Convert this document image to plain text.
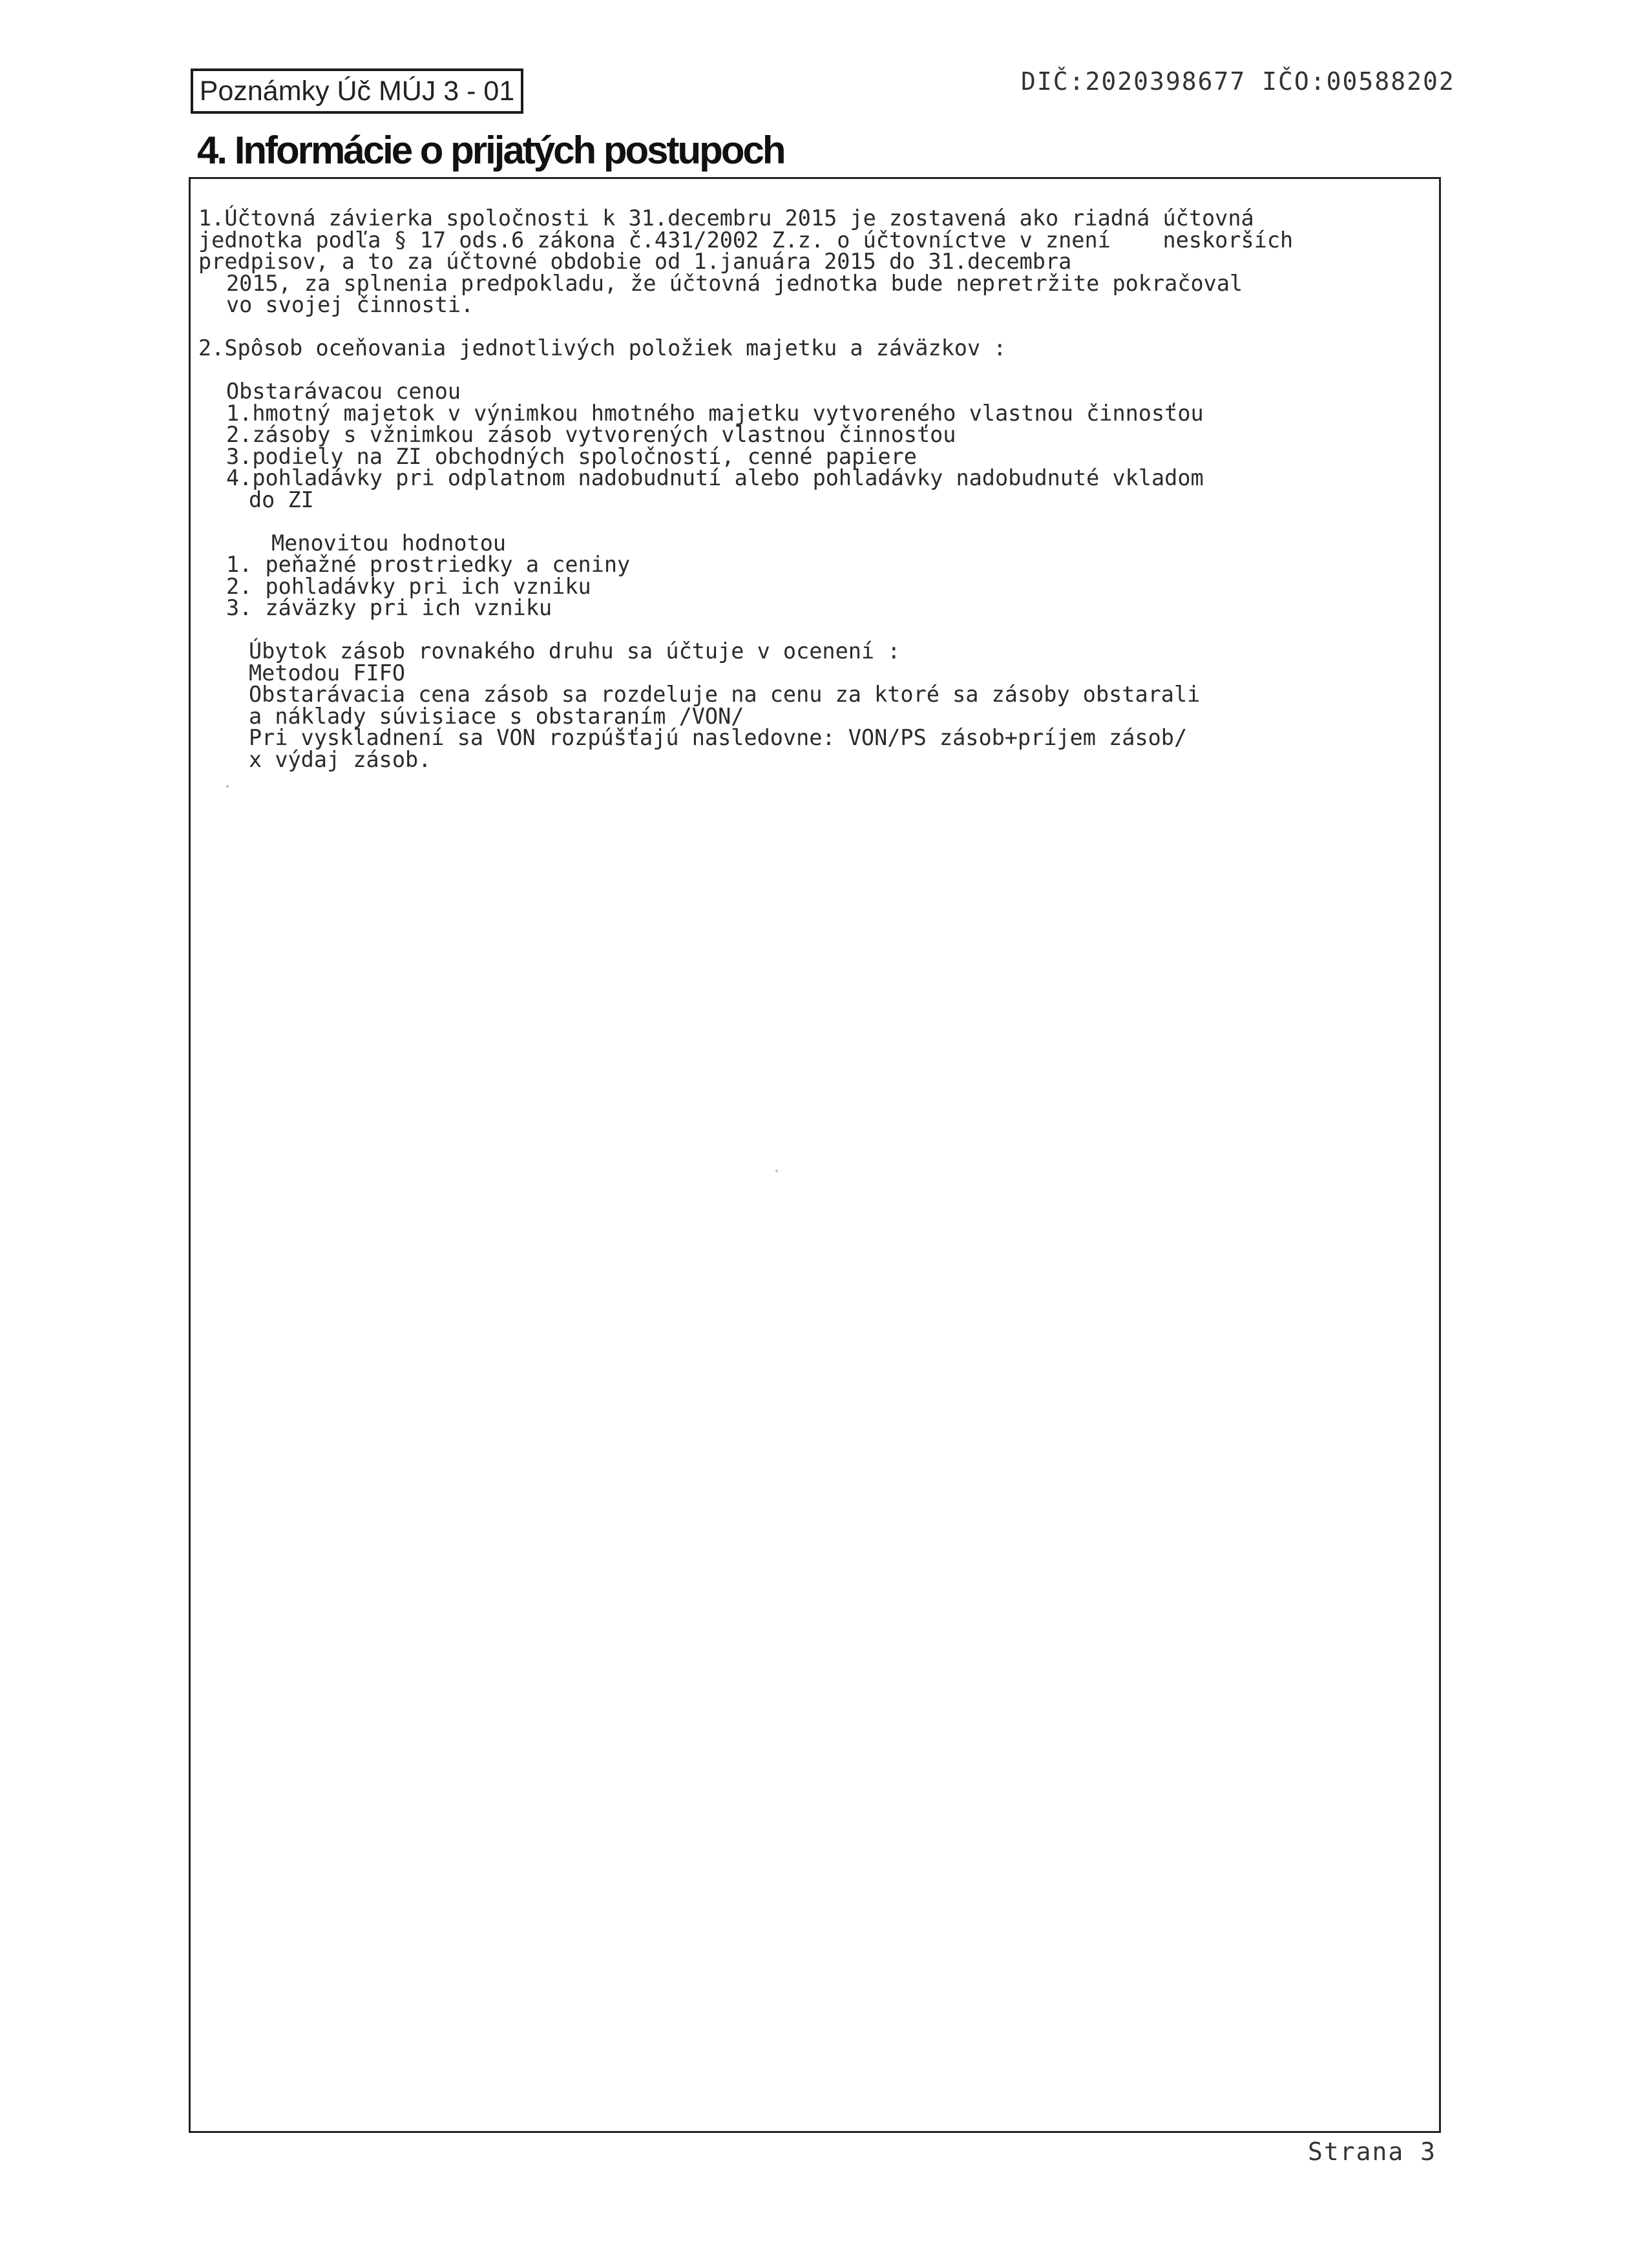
Poznámky Úč MÚJ 3 - 01	DIČ:2020398677 IČO:00588202
4. Informácie o prijatých postupoch
1.Účtovná závierka spoločnosti k 31.decembru 2015 je zostavená ako riadná účtovná
jednotka podľa § 17 ods.6 zákona č.431/2002 Z.z. o účtovníctve v znení    neskorších
predpisov, a to za účtovné obdobie od 1.januára 2015 do 31.decembra
2015, za splnenia predpokladu, že účtovná jednotka bude nepretržite pokračoval
vo svojej činnosti.
2.Spôsob oceňovania jednotlivých položiek majetku a záväzkov :
Obstarávacou cenou
1.hmotný majetok v výnimkou hmotného majetku vytvoreného vlastnou činnosťou
2.zásoby s vžnimkou zásob vytvorených vlastnou činnosťou
3.podiely na ZI obchodných spoločností, cenné papiere
4.pohladávky pri odplatnom nadobudnutí alebo pohladávky nadobudnuté vkladom
do ZI
Menovitou hodnotou
1. peňažné prostriedky a ceniny
2. pohladávky pri ich vzniku
3. záväzky pri ich vzniku
Úbytok zásob rovnakého druhu sa účtuje v ocenení :
Metodou FIFO
Obstarávacia cena zásob sa rozdeluje na cenu za ktoré sa zásoby obstarali
a náklady súvisiace s obstaraním /VON/
Pri vyskladnení sa VON rozpúšťajú nasledovne: VON/PS zásob+príjem zásob/
x výdaj zásob.
Strana 3
